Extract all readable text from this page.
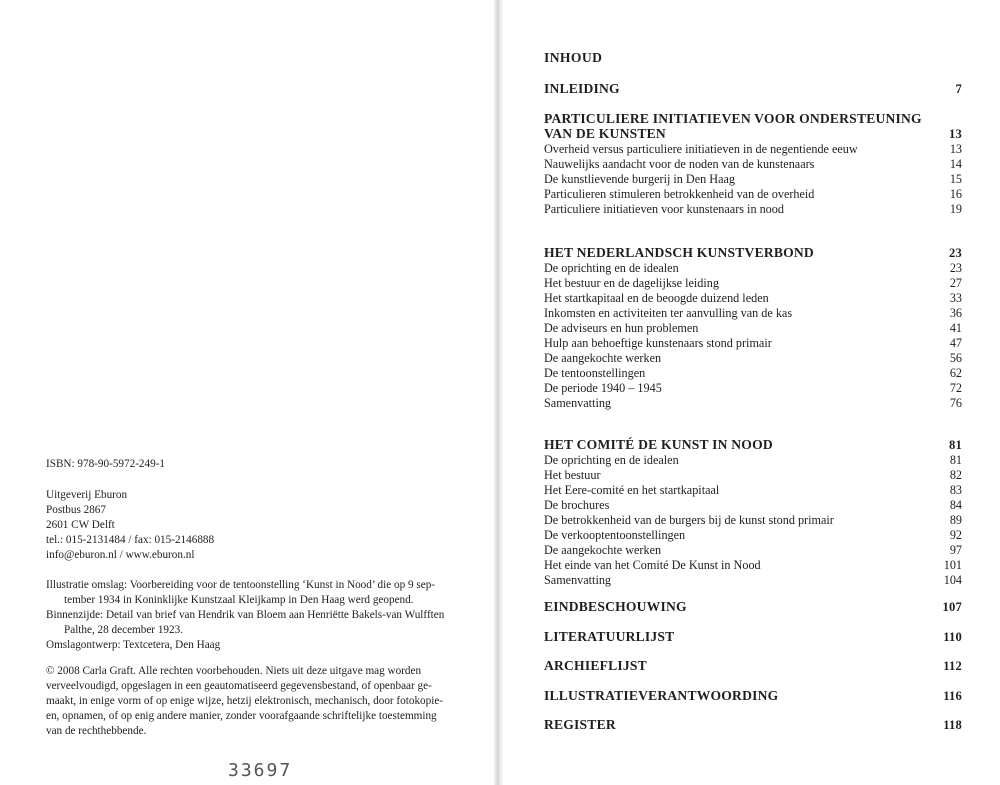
ISBN: 978-90-5972-249-1
Uitgeverij Eburon
Postbus 2867
2601 CW Delft
tel.: 015-2131484 / fax: 015-2146888
info@eburon.nl / www.eburon.nl
Illustratie omslag: Voorbereiding voor de tentoonstelling ‘Kunst in Nood’ die op 9 sep-
tember 1934 in Koninklijke Kunstzaal Kleijkamp in Den Haag werd geopend.
Binnenzijde: Detail van brief van Hendrik van Bloem aan Henriëtte Bakels-van Wulfften
Palthe, 28 december 1923.
Omslagontwerp: Textcetera, Den Haag
© 2008 Carla Graft. Alle rechten voorbehouden. Niets uit deze uitgave mag worden
verveelvoudigd, opgeslagen in een geautomatiseerd gegevensbestand, of openbaar ge-
maakt, in enige vorm of op enige wijze, hetzij elektronisch, mechanisch, door fotokopie-
en, opnamen, of op enig andere manier, zonder voorafgaande schriftelijke toestemming
van de rechthebbende.
33697
INHOUD
INLEIDING	7
PARTICULIERE INITIATIEVEN VOOR ONDERSTEUNING
VAN DE KUNSTEN	13
Overheid versus particuliere initiatieven in de negentiende eeuw	13
Nauwelijks aandacht voor de noden van de kunstenaars	14
De kunstlievende burgerij in Den Haag	15
Particulieren stimuleren betrokkenheid van de overheid	16
Particuliere initiatieven voor kunstenaars in nood	19
HET NEDERLANDSCH KUNSTVERBOND	23
De oprichting en de idealen	23
Het bestuur en de dagelijkse leiding	27
Het startkapitaal en de beoogde duizend leden	33
Inkomsten en activiteiten ter aanvulling van de kas	36
De adviseurs en hun problemen	41
Hulp aan behoeftige kunstenaars stond primair	47
De aangekochte werken	56
De tentoonstellingen	62
De periode 1940 – 1945	72
Samenvatting	76
HET COMITÉ DE KUNST IN NOOD	81
De oprichting en de idealen	81
Het bestuur	82
Het Eere-comité en het startkapitaal	83
De brochures	84
De betrokkenheid van de burgers bij de kunst stond primair	89
De verkooptentoonstellingen	92
De aangekochte werken	97
Het einde van het Comité De Kunst in Nood	101
Samenvatting	104
EINDBESCHOUWING	107
LITERATUURLIJST	110
ARCHIEFLIJST	112
ILLUSTRATIEVERANTWOORDING	116
REGISTER	118
